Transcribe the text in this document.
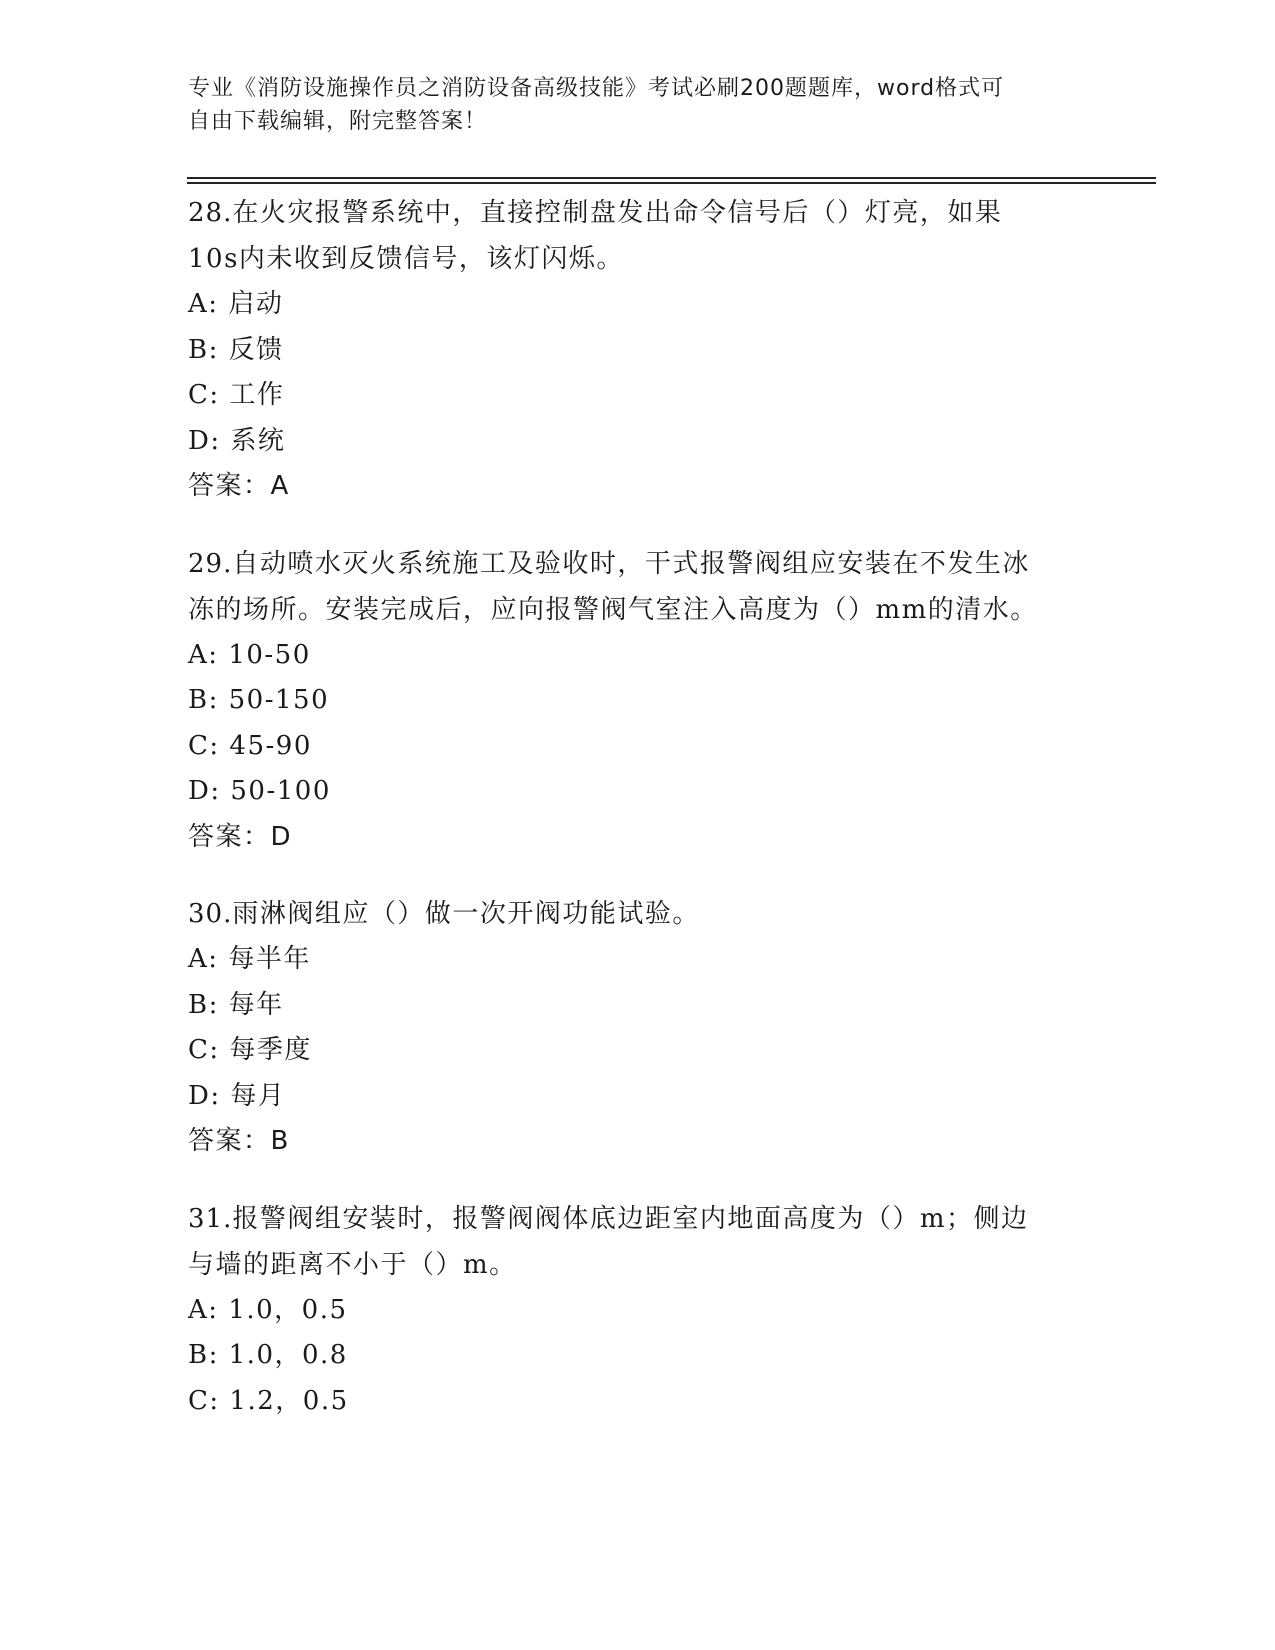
专业《消防设施操作员之消防设备高级技能》考试必刷200题题库，word格式可
自由下载编辑，附完整答案！
28.在火灾报警系统中，直接控制盘发出命令信号后（）灯亮，如果
10s内未收到反馈信号，该灯闪烁。
A: 启动
B: 反馈
C: 工作
D: 系统
答案：A
29.自动喷水灭火系统施工及验收时，干式报警阀组应安装在不发生冰
冻的场所。安装完成后，应向报警阀气室注入高度为（）mm的清水。
A: 10-50
B: 50-150
C: 45-90
D: 50-100
答案：D
30.雨淋阀组应（）做一次开阀功能试验。
A: 每半年
B: 每年
C: 每季度
D: 每月
答案：B
31.报警阀组安装时，报警阀阀体底边距室内地面高度为（）m；侧边
与墙的距离不小于（）m。
A: 1.0，0.5
B: 1.0，0.8
C: 1.2，0.5
